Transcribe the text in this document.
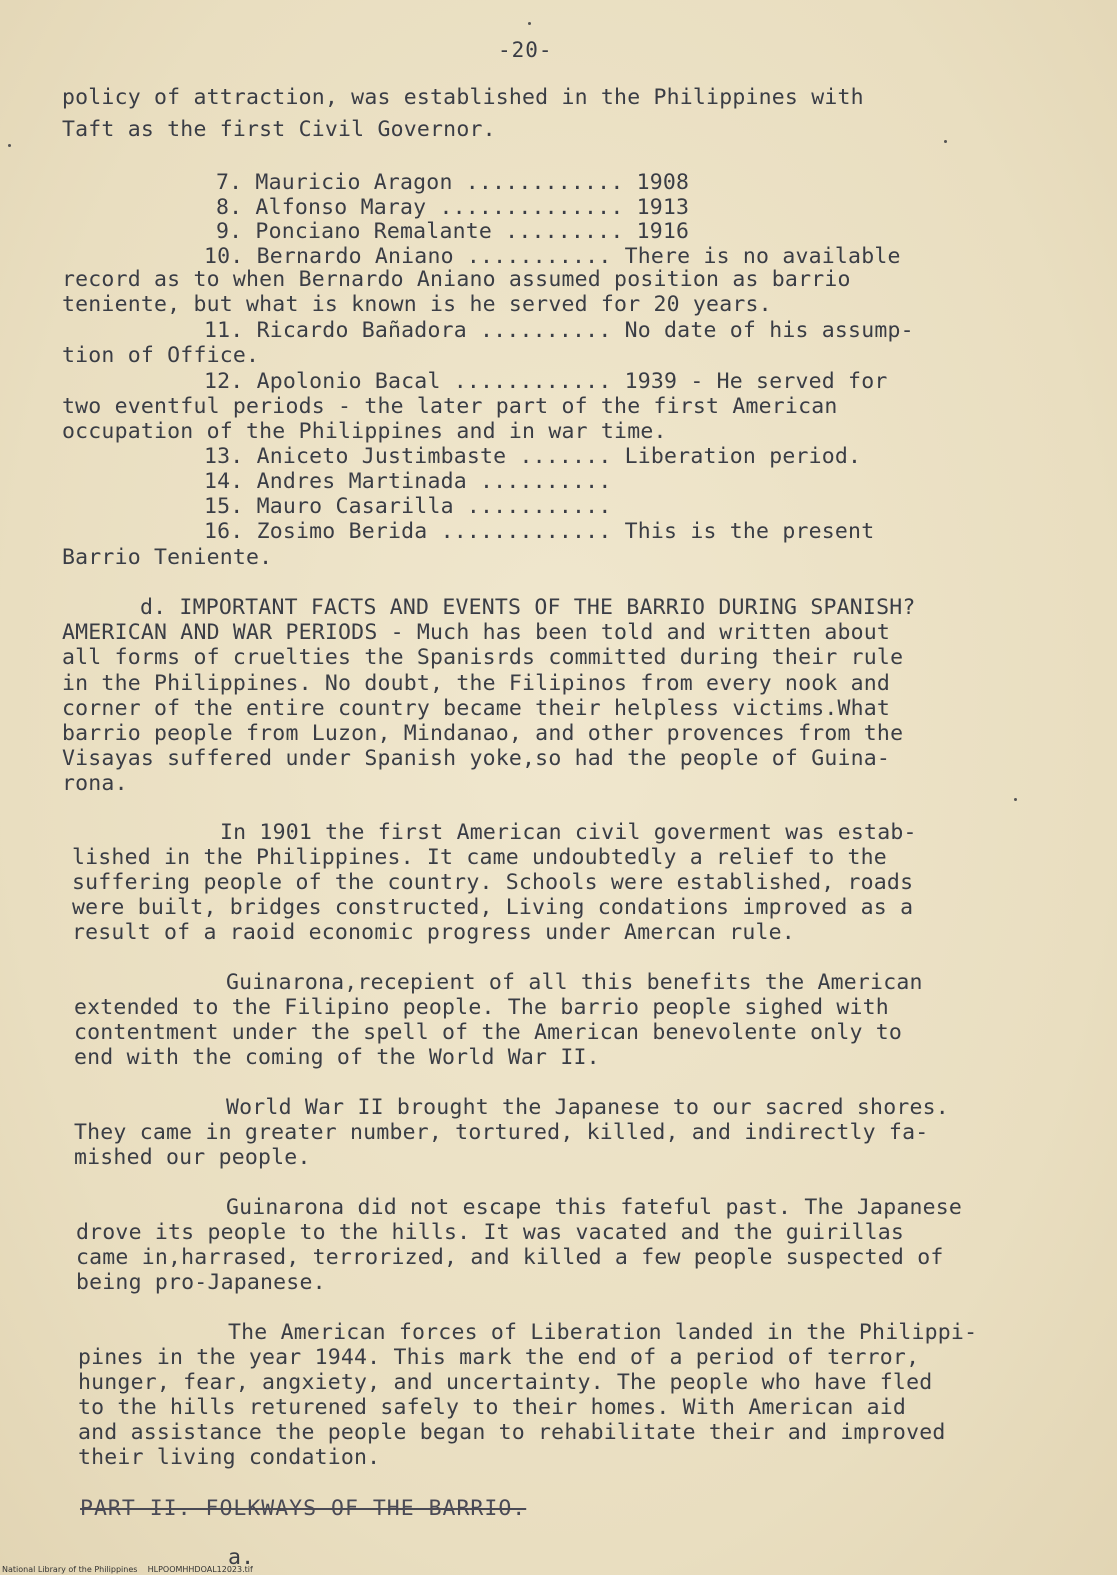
-20-
policy of attraction, was established in the Philippines with
Taft as the first Civil Governor.
7. Mauricio Aragon ............ 1908
8. Alfonso Maray .............. 1913
9. Ponciano Remalante ......... 1916
10. Bernardo Aniano ........... There is no available
record as to when Bernardo Aniano assumed position as barrio
teniente, but what is known is he served for 20 years.
11. Ricardo Bañadora .......... No date of his assump-
tion of Office.
12. Apolonio Bacal ............ 1939 - He served for
two eventful periods - the later part of the first American
occupation of the Philippines and in war time.
13. Aniceto Justimbaste ....... Liberation period.
14. Andres Martinada ..........
15. Mauro Casarilla ...........
16. Zosimo Berida ............. This is the present
Barrio Teniente.
d. IMPORTANT FACTS AND EVENTS OF THE BARRIO DURING SPANISH?
AMERICAN AND WAR PERIODS - Much has been told and written about
all forms of cruelties the Spanisrds committed during their rule
in the Philippines. No doubt, the Filipinos from every nook and
corner of the entire country became their helpless victims.What
barrio people from Luzon, Mindanao, and other provences from the
Visayas suffered under Spanish yoke,so had the people of Guina-
rona.
In 1901 the first American civil goverment was estab-
lished in the Philippines. It came undoubtedly a relief to the
suffering people of the country. Schools were established, roads
were built, bridges constructed, Living condations improved as a
result of a raoid economic progress under Amercan rule.
Guinarona,recepient of all this benefits the American
extended to the Filipino people. The barrio people sighed with
contentment under the spell of the American benevolente only to
end with the coming of the World War II.
World War II brought the Japanese to our sacred shores.
They came in greater number, tortured, killed, and indirectly fa-
mished our people.
Guinarona did not escape this fateful past. The Japanese
drove its people to the hills. It was vacated and the guirillas
came in,harrased, terrorized, and killed a few people suspected of
being pro-Japanese.
The American forces of Liberation landed in the Philippi-
pines in the year 1944. This mark the end of a period of terror,
hunger, fear, angxiety, and uncertainty. The people who have fled
to the hills returened safely to their homes. With American aid
and assistance the people began to rehabilitate their and improved
their living condation.
PART II. FOLKWAYS OF THE BARRIO.
a.
National Library of the Philippines    HLPOOMHHDOAL12023.tif
